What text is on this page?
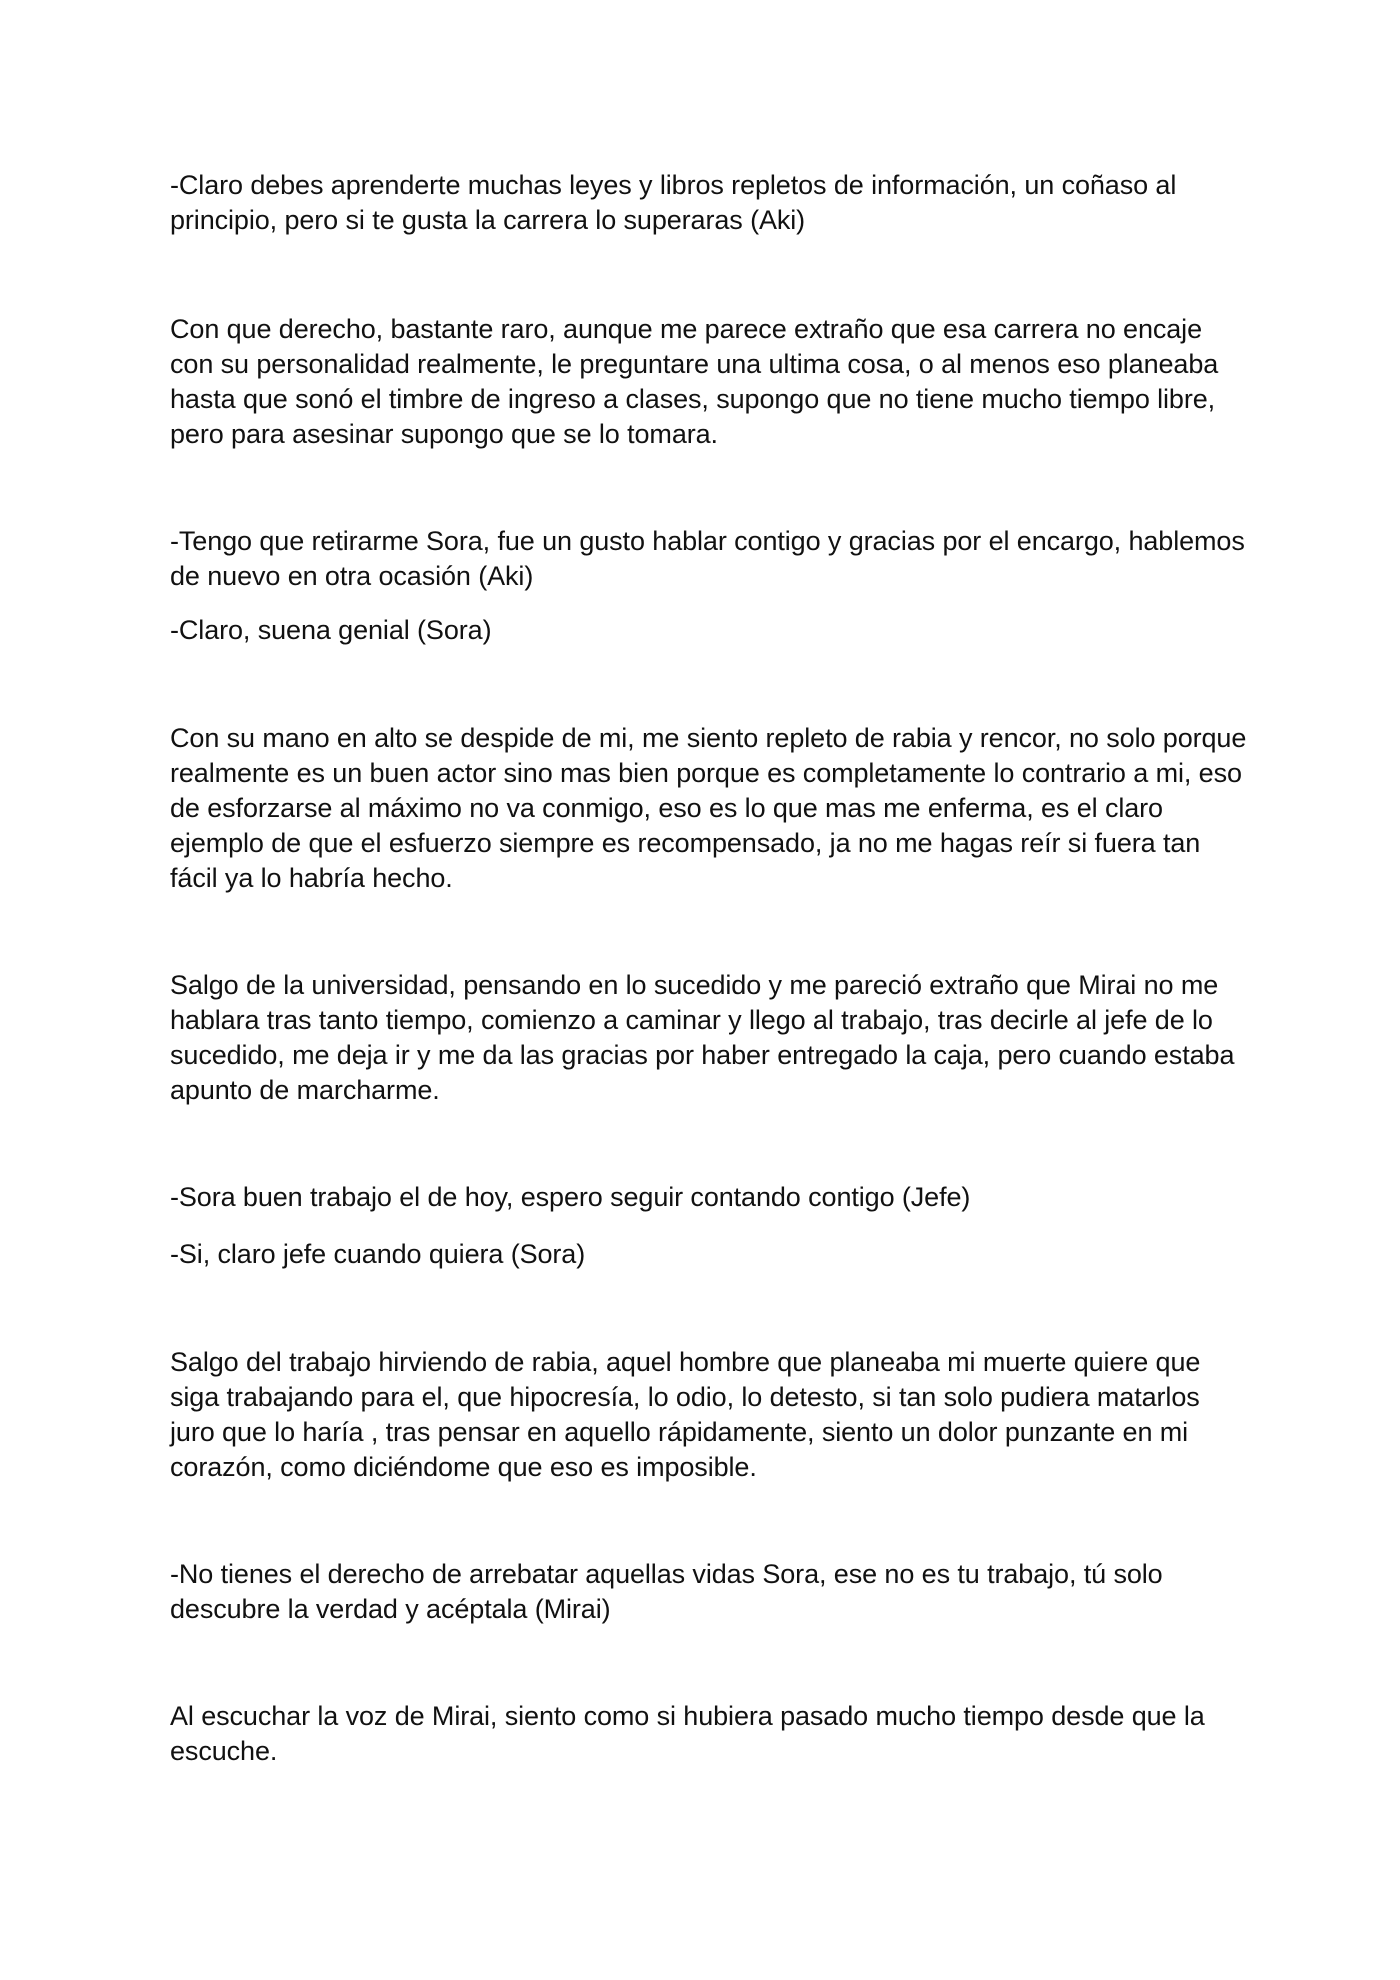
-Claro debes aprenderte muchas leyes y libros repletos de información, un coñaso al principio, pero si te gusta la carrera lo superaras (Aki)

Con que derecho, bastante raro, aunque me parece extraño que esa carrera no encaje con su personalidad realmente, le preguntare una ultima cosa, o al menos eso planeaba hasta que sonó el timbre de ingreso a clases, supongo que no tiene mucho tiempo libre, pero para asesinar supongo que se lo tomara.

-Tengo que retirarme Sora, fue un gusto hablar contigo y gracias por el encargo, hablemos de nuevo en otra ocasión (Aki)

-Claro, suena genial (Sora)

Con su mano en alto se despide de mi, me siento repleto de rabia y rencor, no solo porque realmente es un buen actor sino mas bien porque es completamente lo contrario a mi, eso de esforzarse al máximo no va conmigo, eso es lo que mas me enferma, es el claro ejemplo de que el esfuerzo siempre es recompensado, ja no me hagas reír si fuera tan fácil ya lo habría hecho.

Salgo de la universidad, pensando en lo sucedido y me pareció extraño que Mirai no me hablara tras tanto tiempo, comienzo a caminar y llego al trabajo, tras decirle al jefe de lo sucedido, me deja ir y me da las gracias por haber entregado la caja, pero cuando estaba apunto de marcharme.

-Sora buen trabajo el de hoy, espero seguir contando contigo (Jefe)

-Si, claro jefe cuando quiera (Sora)

Salgo del trabajo hirviendo de rabia, aquel hombre que planeaba mi muerte quiere que siga trabajando para el, que hipocresía, lo odio, lo detesto, si tan solo pudiera matarlos juro que lo haría , tras pensar en aquello rápidamente, siento un dolor punzante en mi corazón, como diciéndome que eso es imposible.

-No tienes el derecho de arrebatar aquellas vidas Sora, ese no es tu trabajo, tú solo descubre la verdad y acéptala (Mirai)

Al escuchar la voz de Mirai, siento como si hubiera pasado mucho tiempo desde que la escuche.
